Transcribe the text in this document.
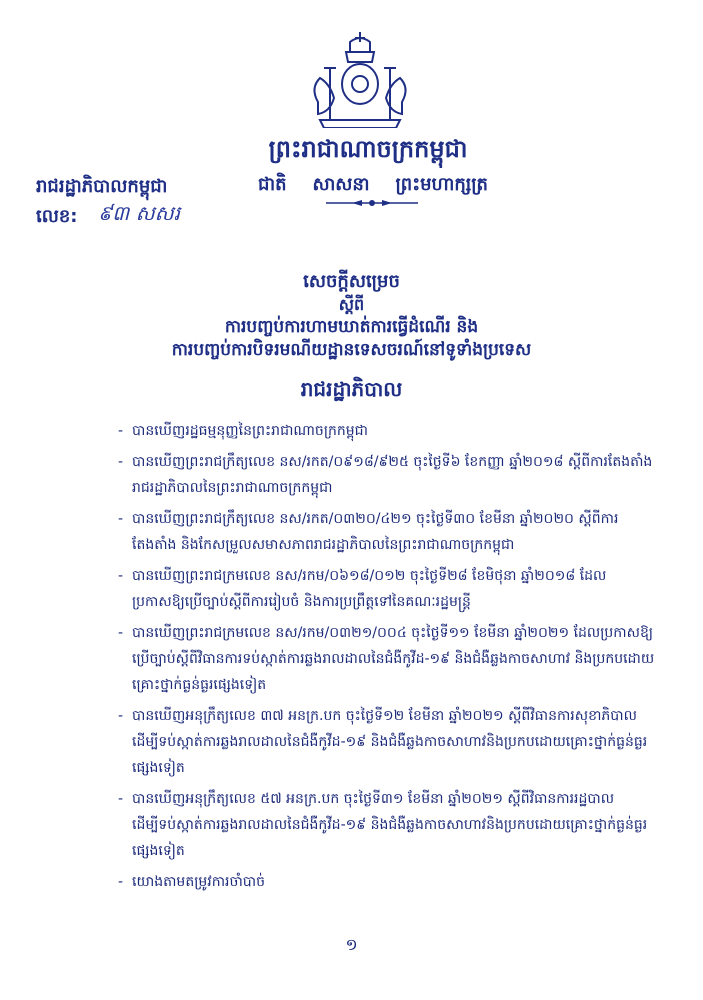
ព្រះរាជាណាចក្រកម្ពុជា
ជាតិ សាសនា ព្រះមហាក្សត្រ
រាជរដ្ឋាភិបាលកម្ពុជា
លេខ: ៩៣ សសរ
សេចក្តីសម្រេច
ស្តីពី
ការបញ្ចប់ការហាមឃាត់ការធ្វើដំណើរ និង
ការបញ្ចប់ការបិទរមណីយដ្ឋានទេសចរណ៍នៅទូទាំងប្រទេស
រាជរដ្ឋាភិបាល
- បានឃើញរដ្ឋធម្មនុញ្ញនៃព្រះរាជាណាចក្រកម្ពុជា
- បានឃើញព្រះរាជក្រឹត្យលេខ នស/រកត/០៩១៨/៩២៥ ចុះថ្ងៃទី៦ ខែកញ្ញា ឆ្នាំ២០១៨ ស្តីពីការតែងតាំងរាជរដ្ឋាភិបាលនៃព្រះរាជាណាចក្រកម្ពុជា
- បានឃើញព្រះរាជក្រឹត្យលេខ នស/រកត/០៣២០/៤២១ ចុះថ្ងៃទី៣០ ខែមីនា ឆ្នាំ២០២០ ស្តីពីការតែងតាំង និងកែសម្រួលសមាសភាពរាជរដ្ឋាភិបាលនៃព្រះរាជាណាចក្រកម្ពុជា
- បានឃើញព្រះរាជក្រមលេខ នស/រកម/០៦១៨/០១២ ចុះថ្ងៃទី២៨ ខែមិថុនា ឆ្នាំ២០១៨ ដែលប្រកាសឱ្យប្រើច្បាប់ស្តីពីការរៀបចំ និងការប្រព្រឹត្តទៅនៃគណៈរដ្ឋមន្ត្រី
- បានឃើញព្រះរាជក្រមលេខ នស/រកម/០៣២១/០០៤ ចុះថ្ងៃទី១១ ខែមីនា ឆ្នាំ២០២១ ដែលប្រកាសឱ្យប្រើច្បាប់ស្តីពីវិធានការទប់ស្កាត់ការឆ្លងរាលដាលនៃជំងឺកូវីដ-១៩ និងជំងឺឆ្លងកាចសាហាវ និងប្រកបដោយគ្រោះថ្នាក់ធ្ងន់ធ្ងរផ្សេងទៀត
- បានឃើញអនុក្រឹត្យលេខ ៣៧ អនក្រ.បក ចុះថ្ងៃទី១២ ខែមីនា ឆ្នាំ២០២១ ស្តីពីវិធានការសុខាភិបាលដើម្បីទប់ស្កាត់ការឆ្លងរាលដាលនៃជំងឺកូវីដ-១៩ និងជំងឺឆ្លងកាចសាហាវនិងប្រកបដោយគ្រោះថ្នាក់ធ្ងន់ធ្ងរផ្សេងទៀត
- បានឃើញអនុក្រឹត្យលេខ ៥៧ អនក្រ.បក ចុះថ្ងៃទី៣១ ខែមីនា ឆ្នាំ២០២១ ស្តីពីវិធានការរដ្ឋបាលដើម្បីទប់ស្កាត់ការឆ្លងរាលដាលនៃជំងឺកូវីដ-១៩ និងជំងឺឆ្លងកាចសាហាវនិងប្រកបដោយគ្រោះថ្នាក់ធ្ងន់ធ្ងរផ្សេងទៀត
- យោងតាមតម្រូវការចាំបាច់
១
